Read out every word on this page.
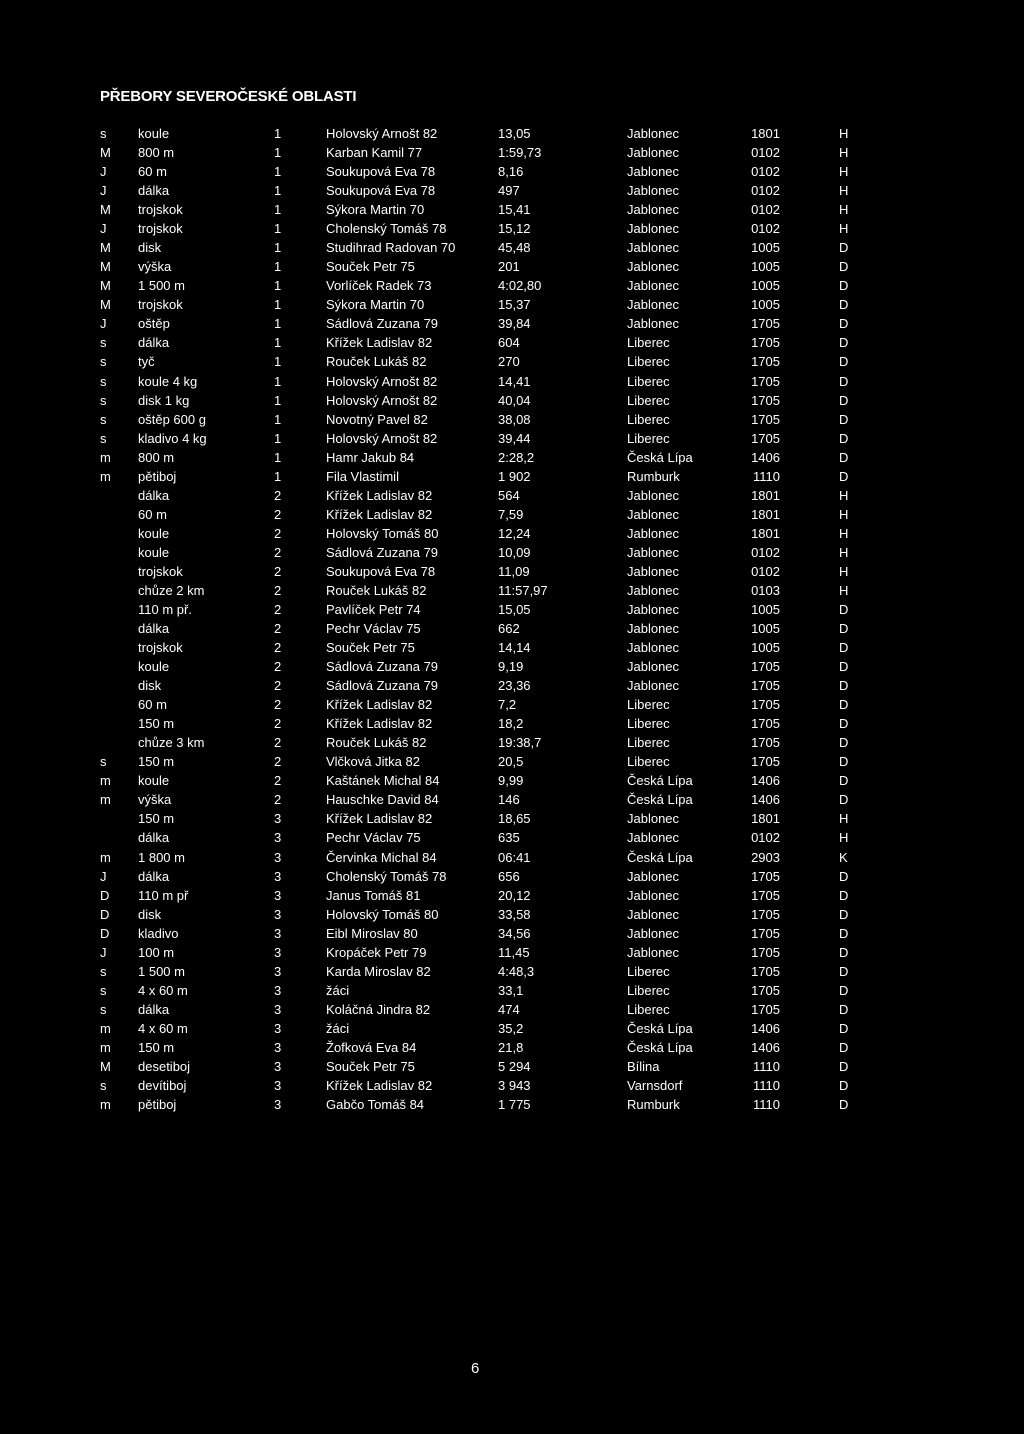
PŘEBORY SEVEROČESKÉ OBLASTI
s koule	1	Holovský Arnošt 82	13,05	Jablonec	1801	H
M 800 m	1	Karban Kamil 77	1:59,73	Jablonec	0102	H
J 60 m	1	Soukupová Eva 78	8,16	Jablonec	0102	H
J dálka	1	Soukupová Eva 78	497	Jablonec	0102	H
M trojskok	1	Sýkora Martin 70	15,41	Jablonec	0102	H
J trojskok	1	Cholenský Tomáš 78	15,12	Jablonec	0102	H
M disk	1	Studihrad Radovan 70	45,48	Jablonec	1005	D
M výška	1	Souček Petr 75	201	Jablonec	1005	D
M 1 500 m	1	Vorlíček Radek 73	4:02,80	Jablonec	1005	D
M trojskok	1	Sýkora Martin 70	15,37	Jablonec	1005	D
J oštěp	1	Sádlová Zuzana 79	39,84	Jablonec	1705	D
s dálka	1	Křížek Ladislav 82	604	Liberec	1705	D
s tyč	1	Rouček Lukáš 82	270	Liberec	1705	D
s koule 4 kg	1	Holovský Arnošt 82	14,41	Liberec	1705	D
s disk 1 kg	1	Holovský Arnošt 82	40,04	Liberec	1705	D
s oštěp 600 g	1	Novotný Pavel 82	38,08	Liberec	1705	D
s kladivo 4 kg	1	Holovský Arnošt 82	39,44	Liberec	1705	D
m 800 m	1	Hamr Jakub 84	2:28,2	Česká Lípa	1406	D
m pětiboj	1	Fila Vlastimil	1 902	Rumburk	1110	D
dálka	2	Křížek Ladislav 82	564	Jablonec	1801	H
60 m	2	Křížek Ladislav 82	7,59	Jablonec	1801	H
koule	2	Holovský Tomáš 80	12,24	Jablonec	1801	H
koule	2	Sádlová Zuzana 79	10,09	Jablonec	0102	H
trojskok	2	Soukupová Eva 78	11,09	Jablonec	0102	H
chůze 2 km	2	Rouček Lukáš 82	11:57,97	Jablonec	0103	H
110 m př.	2	Pavlíček Petr 74	15,05	Jablonec	1005	D
dálka	2	Pechr Václav 75	662	Jablonec	1005	D
trojskok	2	Souček Petr 75	14,14	Jablonec	1005	D
koule	2	Sádlová Zuzana 79	9,19	Jablonec	1705	D
disk	2	Sádlová Zuzana 79	23,36	Jablonec	1705	D
60 m	2	Křížek Ladislav 82	7,2	Liberec	1705	D
150 m	2	Křížek Ladislav 82	18,2	Liberec	1705	D
chůze 3 km	2	Rouček Lukáš 82	19:38,7	Liberec	1705	D
s 150 m	2	Vlčková Jitka 82	20,5	Liberec	1705	D
m koule	2	Kaštánek Michal 84	9,99	Česká Lípa	1406	D
m výška	2	Hauschke David 84	146	Česká Lípa	1406	D
150 m	3	Křížek Ladislav 82	18,65	Jablonec	1801	H
dálka	3	Pechr Václav 75	635	Jablonec	0102	H
m 1 800 m	3	Červinka Michal 84	06:41	Česká Lípa	2903	K
J dálka	3	Cholenský Tomáš 78	656	Jablonec	1705	D
D 110 m př	3	Janus Tomáš 81	20,12	Jablonec	1705	D
D disk	3	Holovský Tomáš 80	33,58	Jablonec	1705	D
D kladivo	3	Eibl Miroslav 80	34,56	Jablonec	1705	D
J 100 m	3	Kropáček Petr 79	11,45	Jablonec	1705	D
s 1 500 m	3	Karda Miroslav 82	4:48,3	Liberec	1705	D
s 4 x 60 m	3	žáci	33,1	Liberec	1705	D
s dálka	3	Koláčná Jindra 82	474	Liberec	1705	D
m 4 x 60 m	3	žáci	35,2	Česká Lípa	1406	D
m 150 m	3	Žofková Eva 84	21,8	Česká Lípa	1406	D
M desetiboj	3	Souček Petr 75	5 294	Bílina	1110	D
s devítiboj	3	Křížek Ladislav 82	3 943	Varnsdorf	1110	D
m pětiboj	3	Gabčo Tomáš 84	1 775	Rumburk	1110	D
6
